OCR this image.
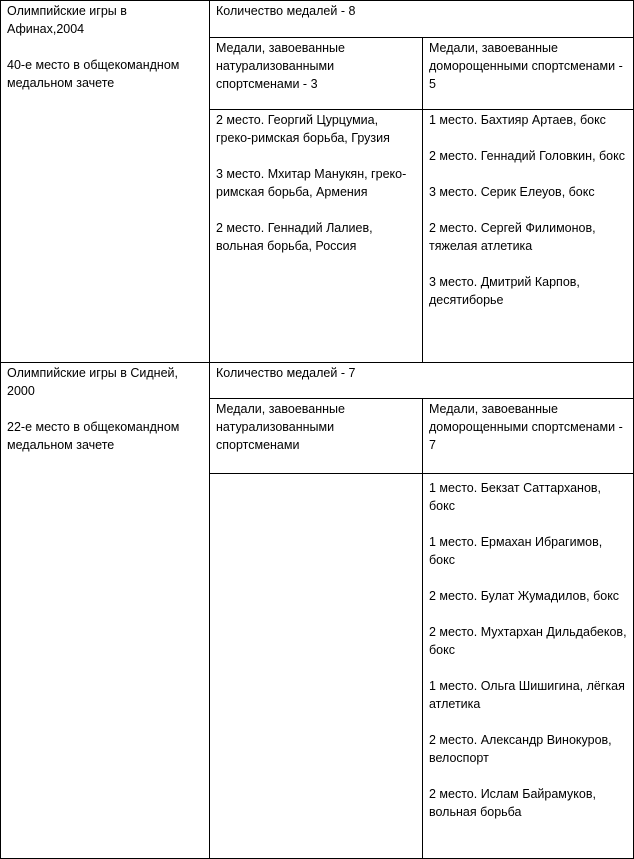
Олимпийские игры в Афинах,2004

40-е место в общекомандном медальном зачете

Количество медалей - 8

Медали, завоеванные натурализованными спортсменами - 3

Медали, завоеванные доморощенными спортсменами - 5

2 место. Георгий Цурцумиа, греко-римская борьба, Грузия

3 место. Мхитар Манукян, греко-римская борьба, Армения

2 место. Геннадий Лалиев, вольная борьба, Россия

1 место. Бахтияр Артаев, бокс

2 место. Геннадий Головкин, бокс

3 место. Серик Елеуов, бокс

2 место. Сергей Филимонов, тяжелая атлетика

3 место. Дмитрий Карпов, десятиборье

Олимпийские игры в Сидней, 2000

22-е место в общекомандном медальном зачете

Количество медалей - 7

Медали, завоеванные натурализованными спортсменами

Медали, завоеванные доморощенными спортсменами - 7

1 место. Бекзат Саттарханов, бокс

1 место. Ермахан Ибрагимов, бокс

2 место. Булат Жумадилов, бокс

2 место. Мухтархан Дильдабеков, бокс

1 место. Ольга Шишигина, лёгкая атлетика

2 место. Александр Винокуров, велоспорт

2 место. Ислам Байрамуков, вольная борьба
